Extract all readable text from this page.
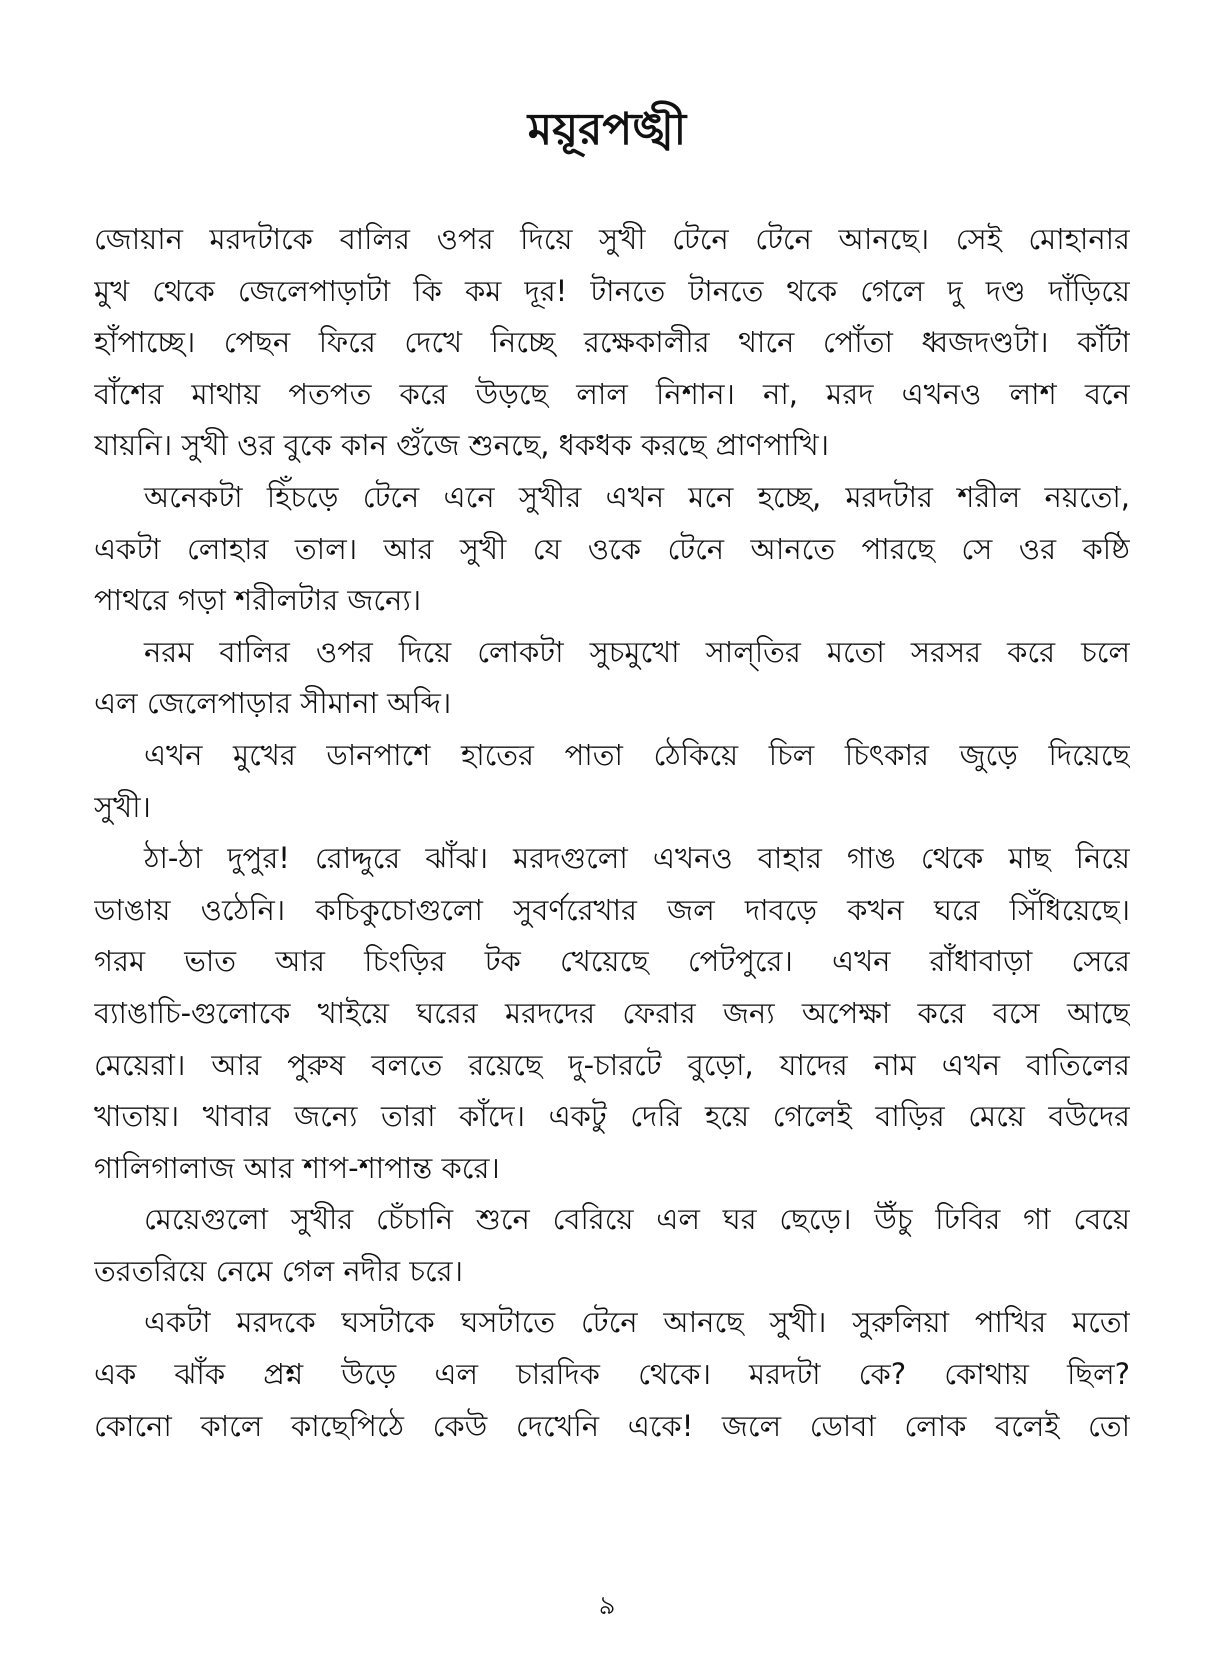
ময়ূরপঙ্খী
জোয়ান মরদটাকে বালির ওপর দিয়ে সুখী টেনে টেনে আনছে। সেই মোহানার
মুখ থেকে জেলেপাড়াটা কি কম দূর! টানতে টানতে থকে গেলে দু দণ্ড দাঁড়িয়ে
হাঁপাচ্ছে। পেছন ফিরে দেখে নিচ্ছে রক্ষেকালীর থানে পোঁতা ধ্বজদণ্ডটা। কাঁটা
বাঁশের মাথায় পতপত করে উড়ছে লাল নিশান। না, মরদ এখনও লাশ বনে
যায়নি। সুখী ওর বুকে কান গুঁজে শুনছে, ধকধক করছে প্রাণপাখি।
অনেকটা হিঁচড়ে টেনে এনে সুখীর এখন মনে হচ্ছে, মরদটার শরীল নয়তো,
একটা লোহার তাল। আর সুখী যে ওকে টেনে আনতে পারছে সে ওর কষ্ঠি
পাথরে গড়া শরীলটার জন্যে।
নরম বালির ওপর দিয়ে লোকটা সুচমুখো সাল্‌তির মতো সরসর করে চলে
এল জেলেপাড়ার সীমানা অব্দি।
এখন মুখের ডানপাশে হাতের পাতা ঠেকিয়ে চিল চিৎকার জুড়ে দিয়েছে
সুখী।
ঠা-ঠা দুপুর! রোদ্দুরে ঝাঁঝ। মরদগুলো এখনও বাহার গাঙ থেকে মাছ নিয়ে
ডাঙায় ওঠেনি। কচিকুচোগুলো সুবর্ণরেখার জল দাবড়ে কখন ঘরে সিঁধিয়েছে।
গরম ভাত আর চিংড়ির টক খেয়েছে পেটপুরে। এখন রাঁধাবাড়া সেরে
ব্যাঙাচি-গুলোকে খাইয়ে ঘরের মরদদের ফেরার জন্য অপেক্ষা করে বসে আছে
মেয়েরা। আর পুরুষ বলতে রয়েছে দু-চারটে বুড়ো, যাদের নাম এখন বাতিলের
খাতায়। খাবার জন্যে তারা কাঁদে। একটু দেরি হয়ে গেলেই বাড়ির মেয়ে বউদের
গালিগালাজ আর শাপ-শাপান্ত করে।
মেয়েগুলো সুখীর চেঁচানি শুনে বেরিয়ে এল ঘর ছেড়ে। উঁচু ঢিবির গা বেয়ে
তরতরিয়ে নেমে গেল নদীর চরে।
একটা মরদকে ঘসটাকে ঘসটাতে টেনে আনছে সুখী। সুরুলিয়া পাখির মতো
এক ঝাঁক প্রশ্ন উড়ে এল চারদিক থেকে। মরদটা কে? কোথায় ছিল?
কোনো কালে কাছেপিঠে কেউ দেখেনি একে! জলে ডোবা লোক বলেই তো
৯
